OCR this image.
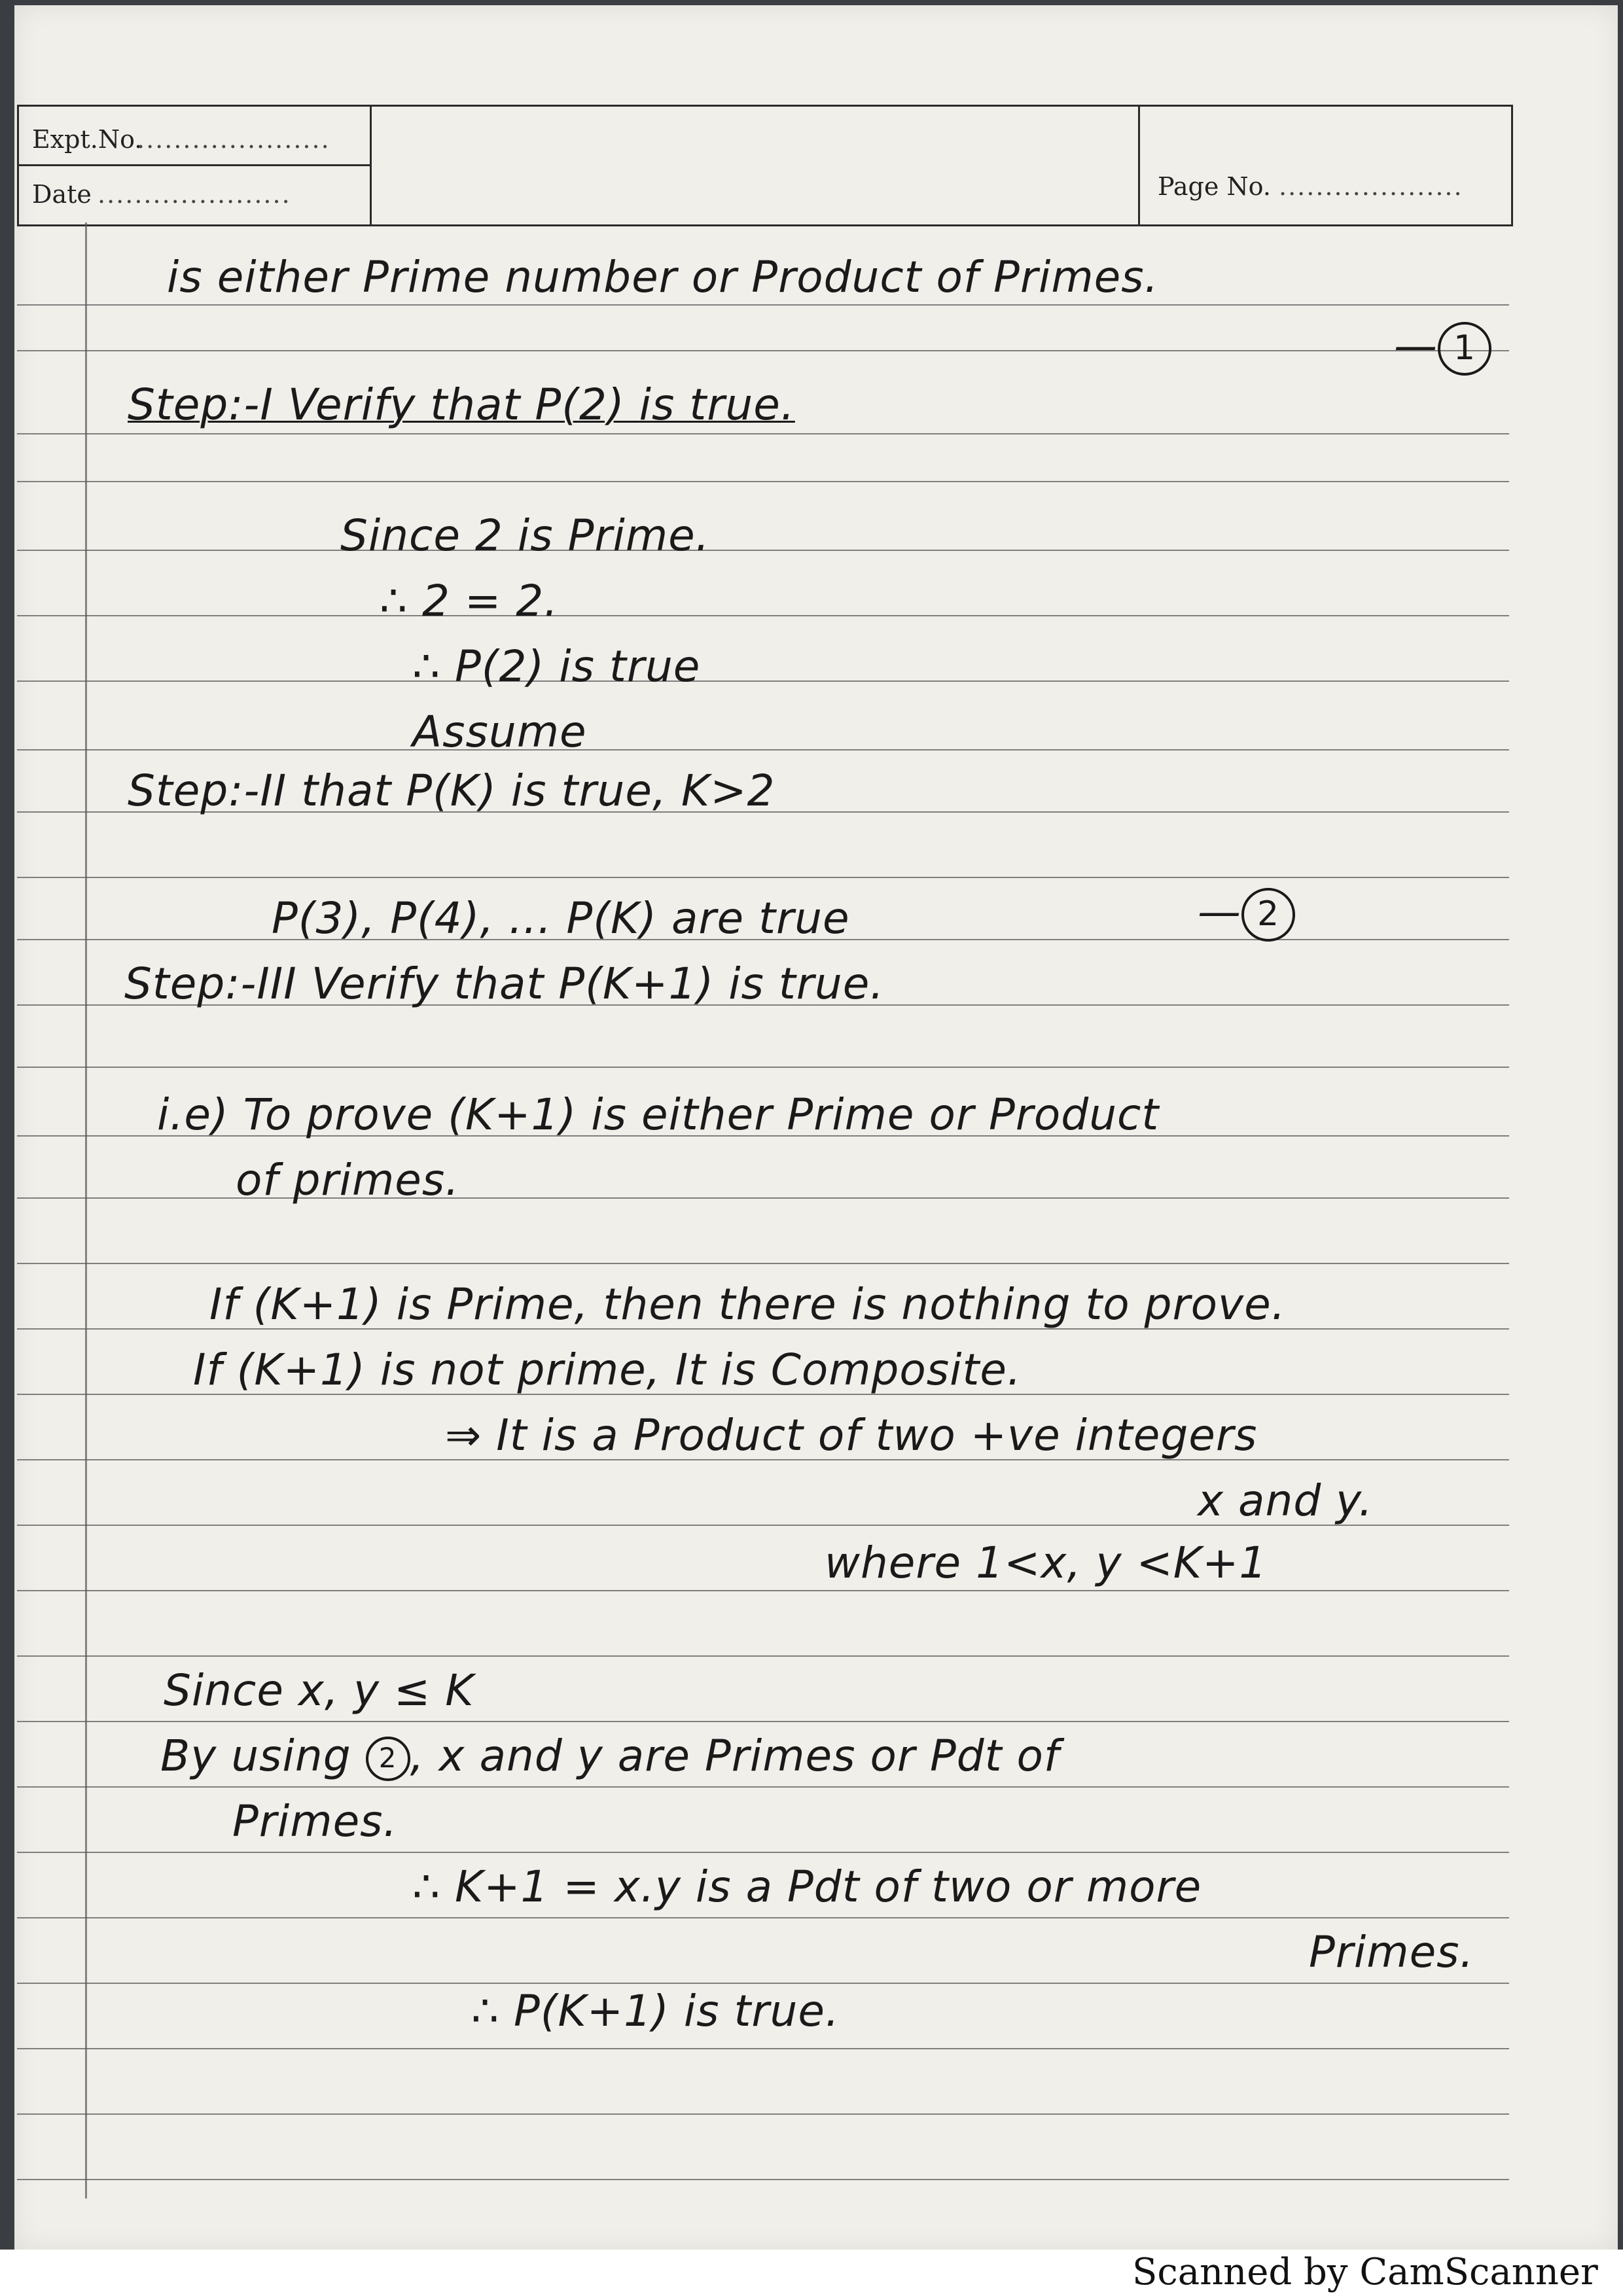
Expt.No.
.....................
Date .....................	Page No. ....................
is either Prime number or Product of Primes.
— 1
Step:-I Verify that P(2) is true.
Since 2 is Prime.
∴ 2 = 2.
∴ P(2) is true
Assume
Step:-II that P(K) is true, K>2
P(3), P(4), ... P(K) are true	— 2
Step:-III Verify that P(K+1) is true.
i.e) To prove (K+1) is either Prime or Product
of primes.
If (K+1) is Prime, then there is nothing to prove.
If (K+1) is not prime, It is Composite.
⇒ It is a Product of two +ve integers
x and y.
where 1<x, y <K+1
Since x, y ≤ K
By using 2 , x and y are Primes or Pdt of
Primes.
∴ K+1 = x.y is a Pdt of two or more
Primes.
∴ P(K+1) is true.
Scanned by CamScanner
